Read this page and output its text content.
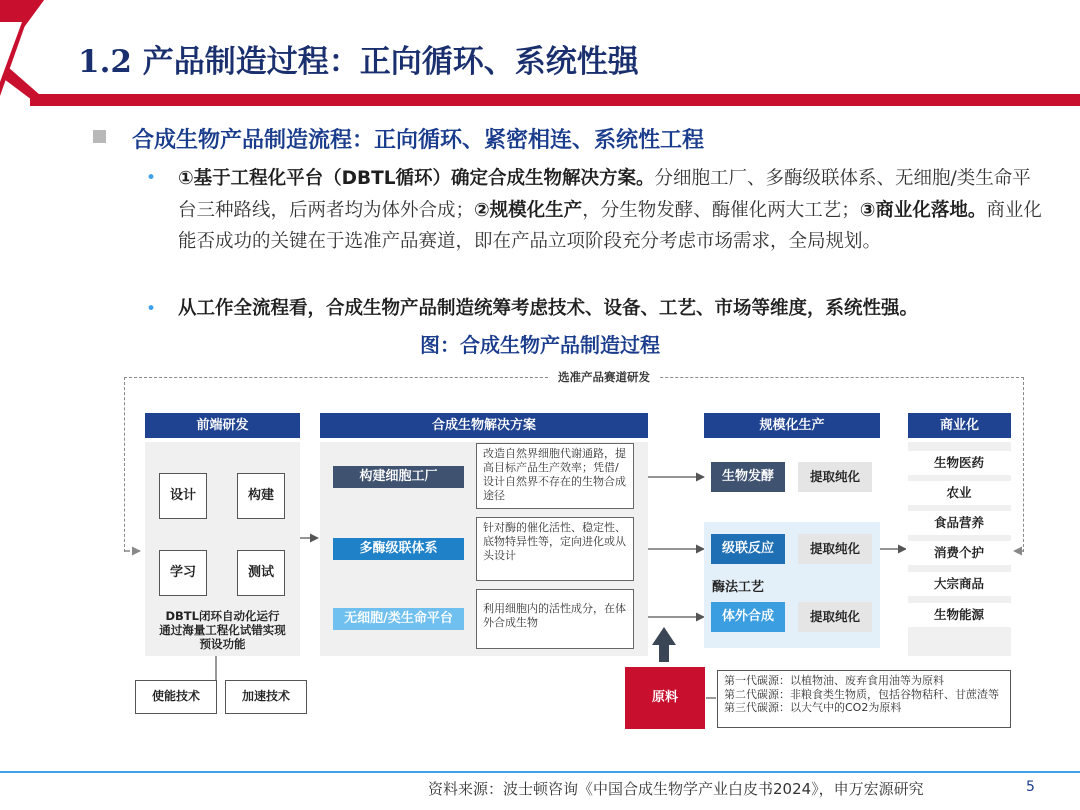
1.2 产品制造过程：正向循环、系统性强
合成生物产品制造流程：正向循环、紧密相连、系统性工程
• ①基于工程化平台（DBTL循环）确定合成生物解决方案。分细胞工厂、多酶级联体系、无细胞/类生命平台三种路线，后两者均为体外合成；②规模化生产，分生物发酵、酶催化两大工艺；③商业化落地。商业化能否成功的关键在于选准产品赛道，即在产品立项阶段充分考虑市场需求，全局规划。
• 从工作全流程看，合成生物产品制造统筹考虑技术、设备、工艺、市场等维度，系统性强。
图：合成生物产品制造过程
选准产品赛道研发
前端研发
设计	构建
学习	测试
DBTL闭环自动化运行
通过海量工程化试错实现
预设功能
使能技术	加速技术
合成生物解决方案
构建细胞工厂
改造自然界细胞代谢通路，提高目标产品生产效率；凭借/设计自然界不存在的生物合成途径
多酶级联体系
针对酶的催化活性、稳定性、底物特异性等，定向进化或从头设计
无细胞/类生命平台
利用细胞内的活性成分，在体外合成生物
规模化生产
生物发酵	提取纯化
级联反应	提取纯化
酶法工艺
体外合成	提取纯化
商业化
生物医药
农业
食品营养
消费个护
大宗商品
生物能源
原料
第一代碳源：以植物油、废弃食用油等为原料
第二代碳源：非粮食类生物质，包括谷物秸秆、甘蔗渣等
第三代碳源：以大气中的CO2为原料
资料来源：波士顿咨询《中国合成生物学产业白皮书2024》，申万宏源研究	5
